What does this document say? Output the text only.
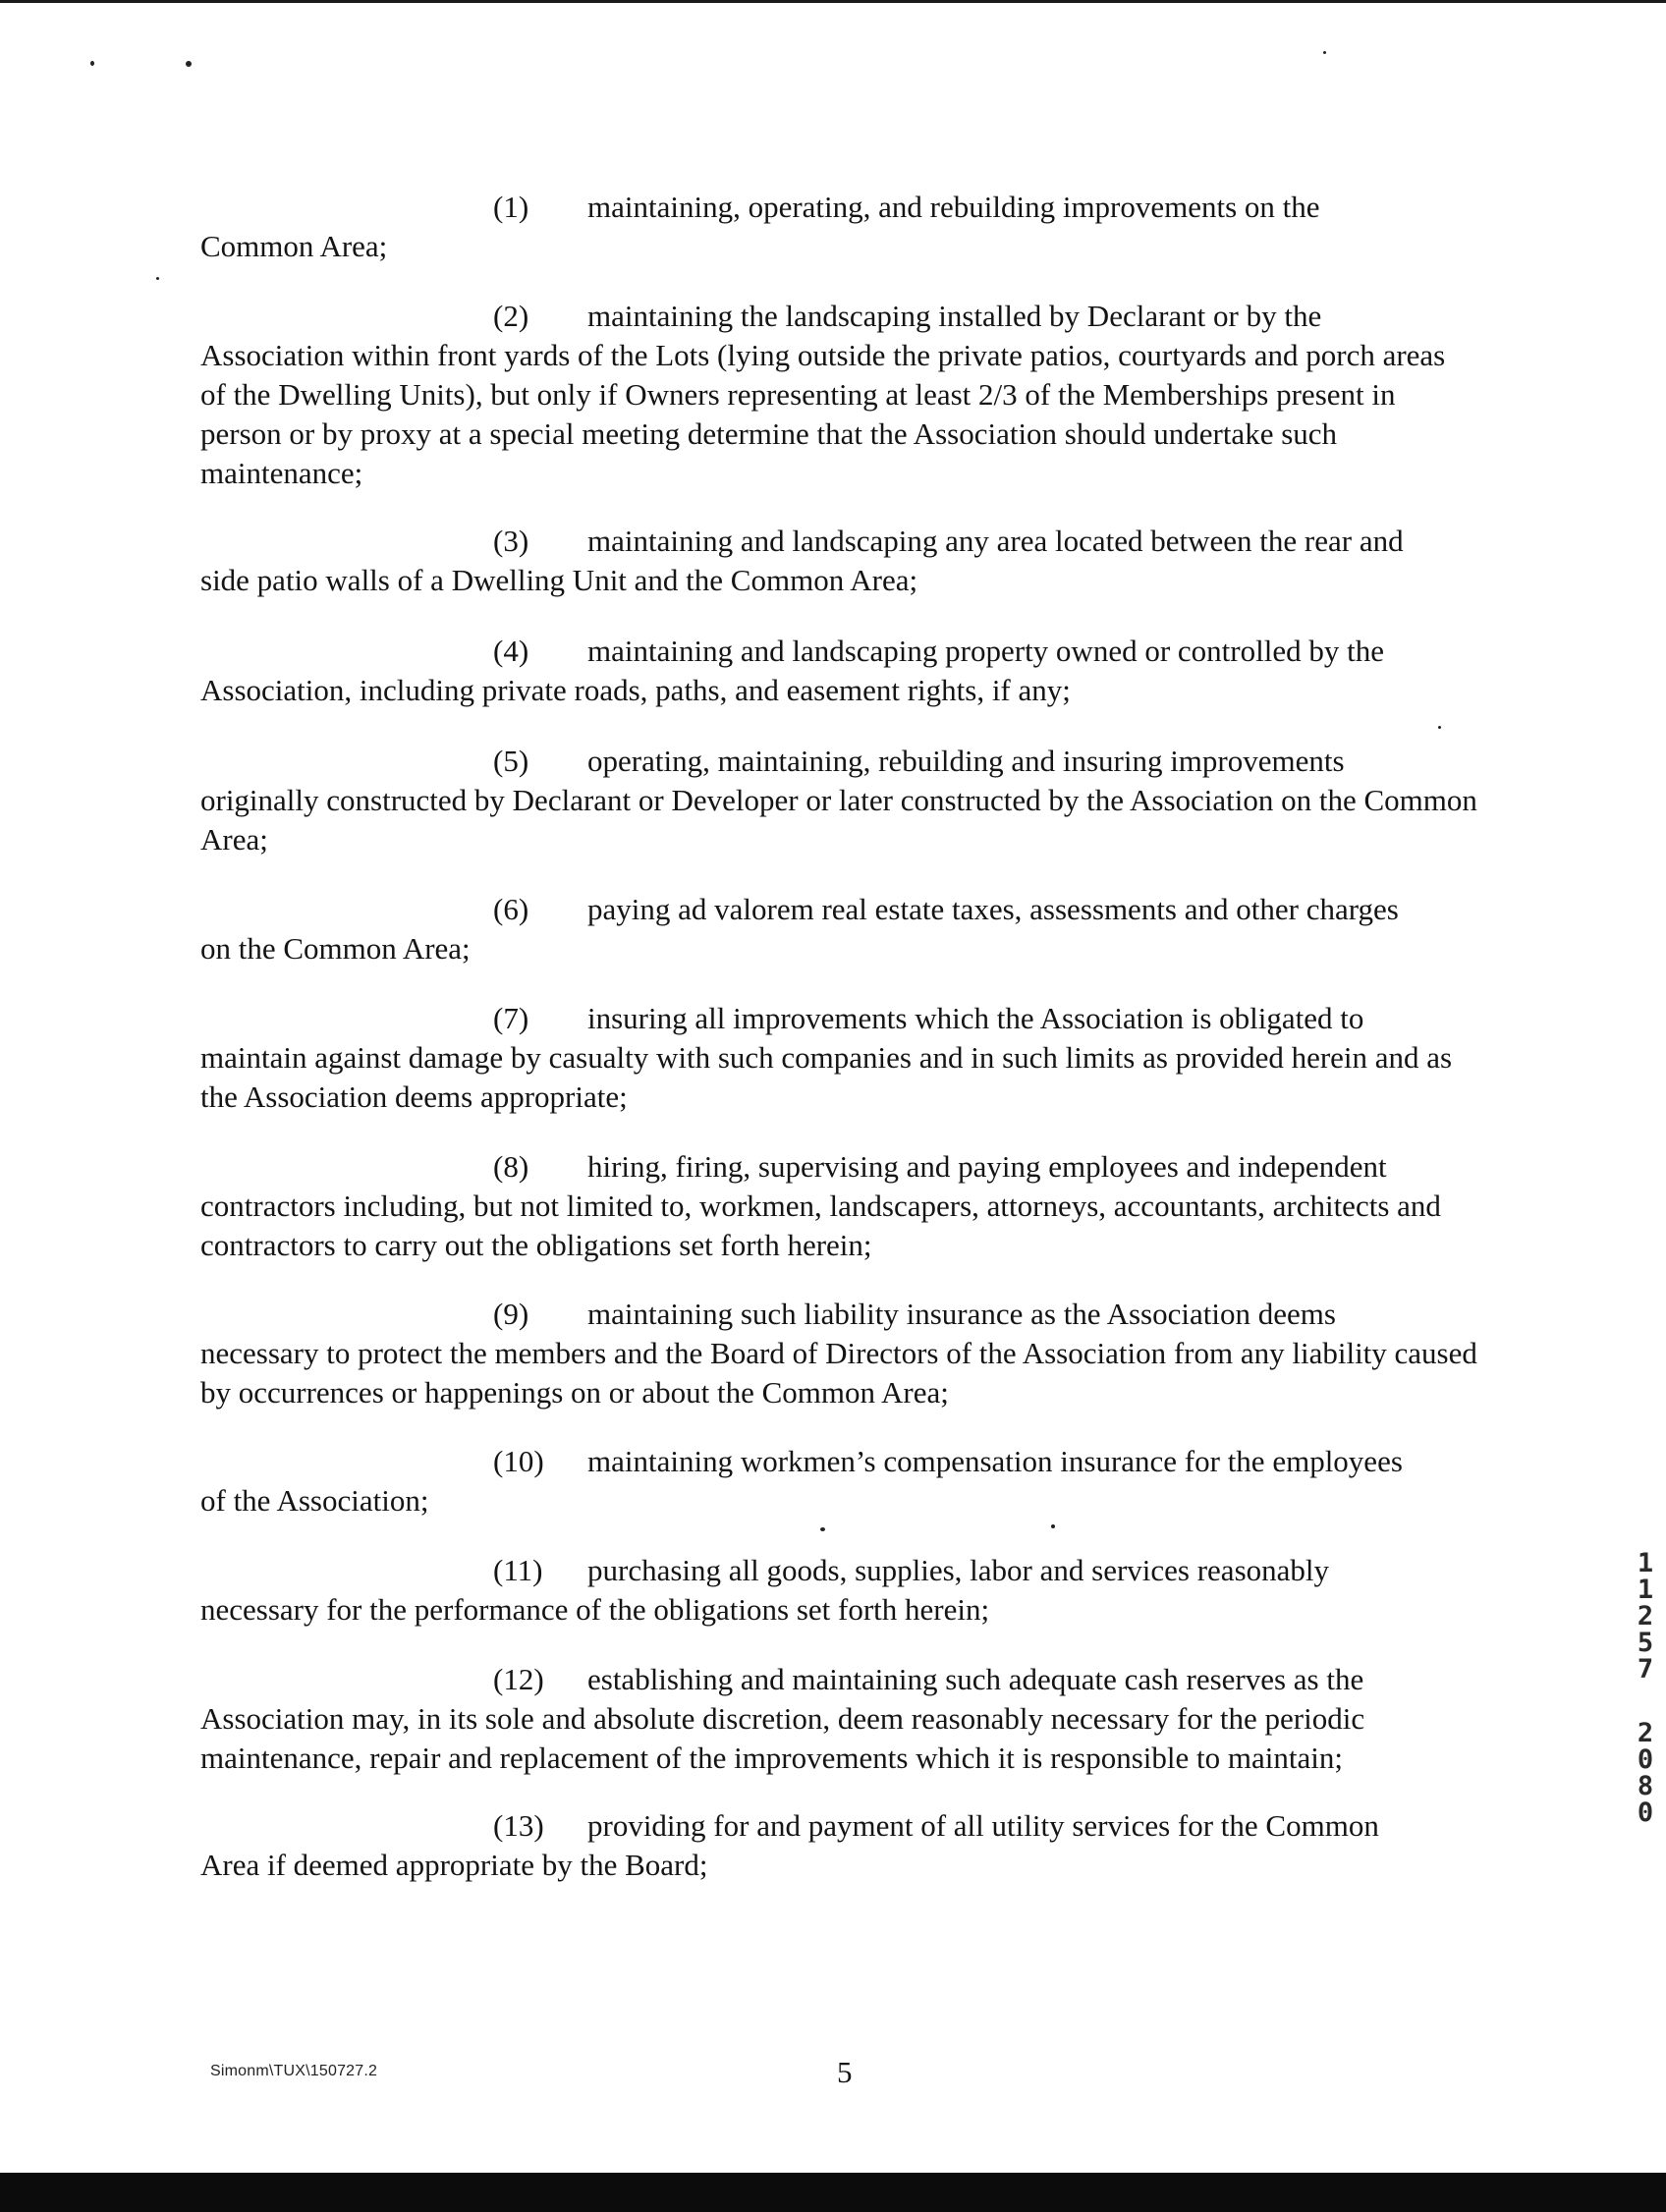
(1) maintaining, operating, and rebuilding improvements on the
Common Area;
(2) maintaining the landscaping installed by Declarant or by the
Association within front yards of the Lots (lying outside the private patios, courtyards and porch areas of the Dwelling Units), but only if Owners representing at least 2/3 of the Memberships present in person or by proxy at a special meeting determine that the Association should undertake such maintenance;
(3) maintaining and landscaping any area located between the rear and
side patio walls of a Dwelling Unit and the Common Area;
(4) maintaining and landscaping property owned or controlled by the
Association, including private roads, paths, and easement rights, if any;
(5) operating, maintaining, rebuilding and insuring improvements
originally constructed by Declarant or Developer or later constructed by the Association on the Common Area;
(6) paying ad valorem real estate taxes, assessments and other charges
on the Common Area;
(7) insuring all improvements which the Association is obligated to
maintain against damage by casualty with such companies and in such limits as provided herein and as the Association deems appropriate;
(8) hiring, firing, supervising and paying employees and independent
contractors including, but not limited to, workmen, landscapers, attorneys, accountants, architects and contractors to carry out the obligations set forth herein;
(9) maintaining such liability insurance as the Association deems
necessary to protect the members and the Board of Directors of the Association from any liability caused by occurrences or happenings on or about the Common Area;
(10) maintaining workmen’s compensation insurance for the employees
of the Association;
(11) purchasing all goods, supplies, labor and services reasonably
necessary for the performance of the obligations set forth herein;
(12) establishing and maintaining such adequate cash reserves as the
Association may, in its sole and absolute discretion, deem reasonably necessary for the periodic maintenance, repair and replacement of the improvements which it is responsible to maintain;
(13) providing for and payment of all utility services for the Common
Area if deemed appropriate by the Board;
1
1
2
5
7
2
0
8
0
Simonm\TUX\150727.2	5
